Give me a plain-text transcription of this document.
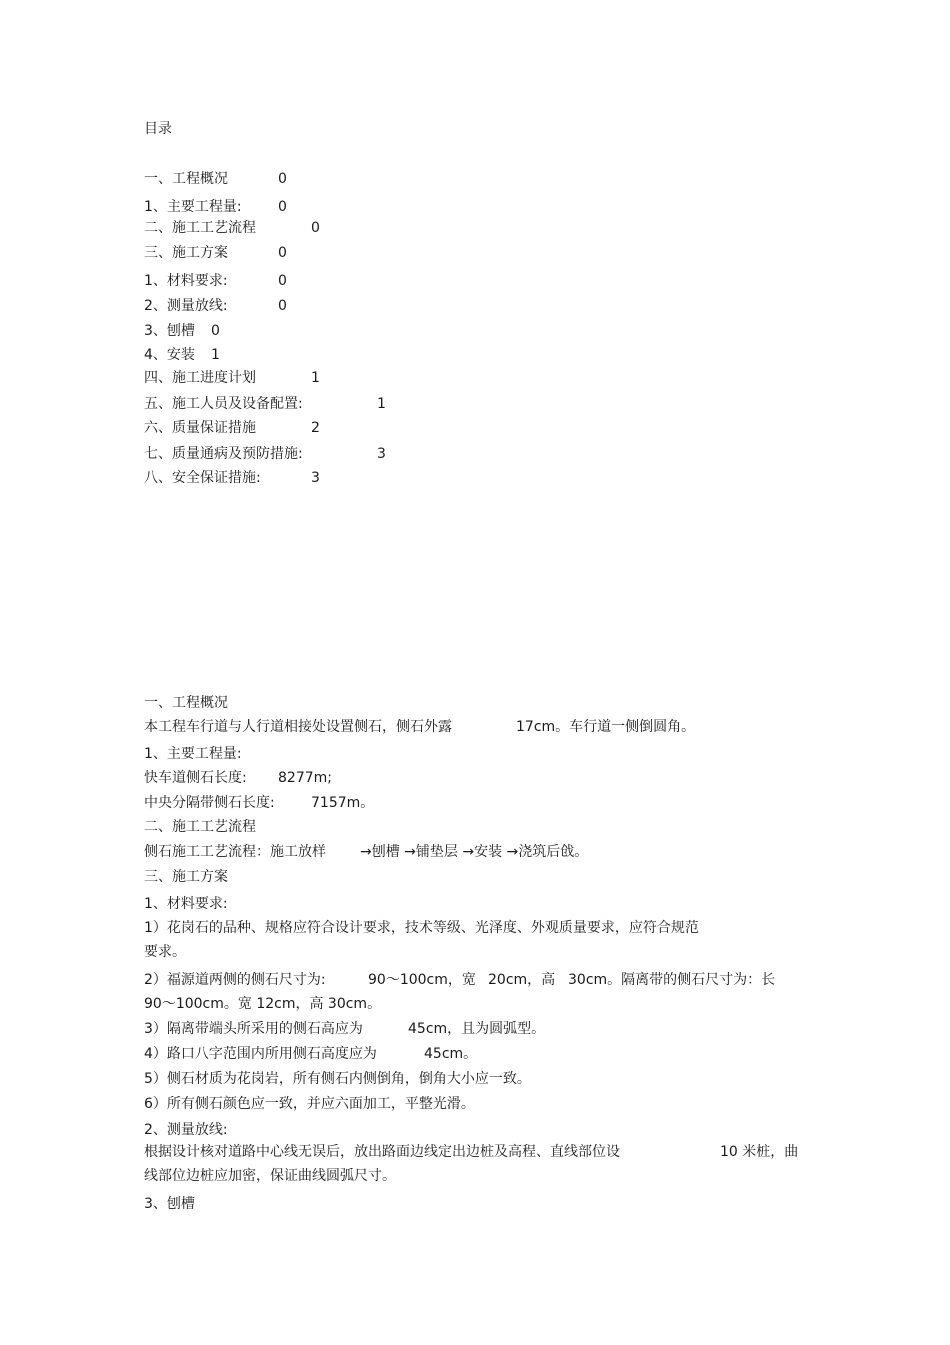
目录
一、工程概况	0
1、主要工程量:	0
二、施工工艺流程	0
三、施工方案	0
1、材料要求:	0
2、测量放线:	0
3、刨槽 0
4、安装 1
四、施工进度计划	1
五、施工人员及设备配置:	1
六、质量保证措施	2
七、质量通病及预防措施:	3
八、安全保证措施:	3
一、工程概况
本工程车行道与人行道相接处设置侧石，侧石外露	17cm。车行道一侧倒圆角。
1、主要工程量:
快车道侧石长度: 8277m;
中央分隔带侧石长度:	7157m。
二、施工工艺流程
侧石施工工艺流程：施工放样 →刨槽 →铺垫层 →安装 →浇筑后戗。
三、施工方案
1、材料要求:
1）花岗石的品种、规格应符合设计要求，技术等级、光泽度、外观质量要求，应符合规范
要求。
2）福源道两侧的侧石尺寸为:	90～100cm，宽 20cm，高 30cm。隔离带的侧石尺寸为：长
90～100cm。宽 12cm，高 30cm。
3）隔离带端头所采用的侧石高应为	45cm，且为圆弧型。
4）路口八字范围内所用侧石高度应为	45cm。
5）侧石材质为花岗岩，所有侧石内侧倒角，倒角大小应一致。
6）所有侧石颜色应一致，并应六面加工，平整光滑。
2、测量放线:
根据设计核对道路中心线无误后，放出路面边线定出边桩及高程、直线部位设	10 米桩，曲
线部位边桩应加密，保证曲线圆弧尺寸。
3、刨槽
